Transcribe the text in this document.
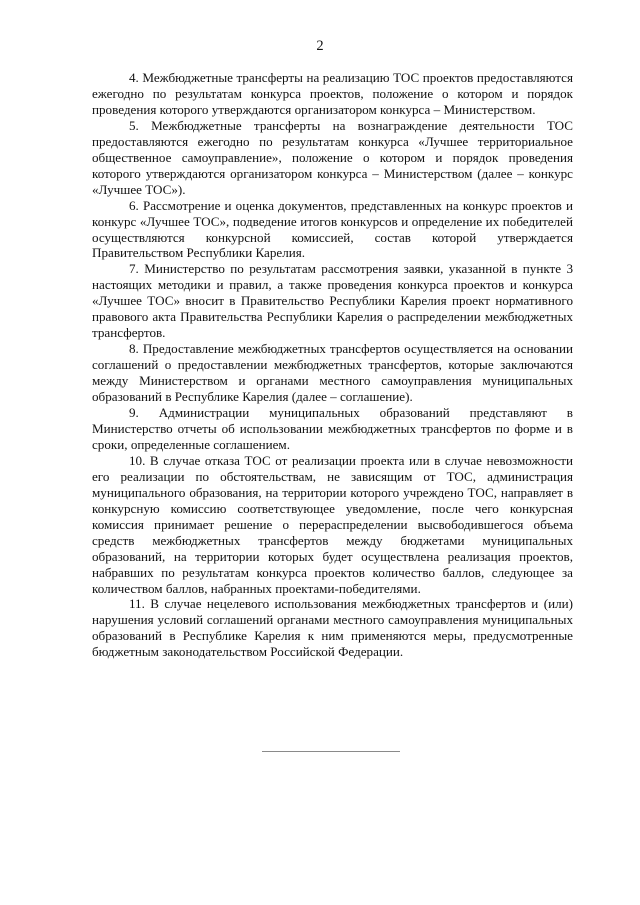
2

4. Межбюджетные трансферты на реализацию ТОС проектов предоставляются ежегодно по результатам конкурса проектов, положение о котором и порядок проведения которого утверждаются организатором конкурса – Министерством.

5. Межбюджетные трансферты на вознаграждение деятельности ТОС предоставляются ежегодно по результатам конкурса «Лучшее территориальное общественное самоуправление», положение о котором и порядок проведения которого утверждаются организатором конкурса – Министерством (далее – конкурс «Лучшее ТОС»).

6. Рассмотрение и оценка документов, представленных на конкурс проектов и конкурс «Лучшее ТОС», подведение итогов конкурсов и определение их победителей осуществляются конкурсной комиссией, состав которой утверждается Правительством Республики Карелия.

7. Министерство по результатам рассмотрения заявки, указанной в пункте 3 настоящих методики и правил, а также проведения конкурса проектов и конкурса «Лучшее ТОС» вносит в Правительство Республики Карелия проект нормативного правового акта Правительства Республики Карелия о распределении межбюджетных трансфертов.

8. Предоставление межбюджетных трансфертов осуществляется на основании соглашений о предоставлении межбюджетных трансфертов, которые заключаются между Министерством и органами местного самоуправления муниципальных образований в Республике Карелия (далее – соглашение).

9. Администрации муниципальных образований представляют в Министерство отчеты об использовании межбюджетных трансфертов по форме и в сроки, определенные соглашением.

10. В случае отказа ТОС от реализации проекта или в случае невозможности его реализации по обстоятельствам, не зависящим от ТОС, администрация муниципального образования, на территории которого учреждено ТОС, направляет в конкурсную комиссию соответствующее уведомление, после чего конкурсная комиссия принимает решение о перераспределении высвободившегося объема средств межбюджетных трансфертов между бюджетами муниципальных образований, на территории которых будет осуществлена реализация проектов, набравших по результатам конкурса проектов количество баллов, следующее за количеством баллов, набранных проектами-победителями.

11. В случае нецелевого использования межбюджетных трансфертов и (или) нарушения условий соглашений органами местного самоуправления муниципальных образований в Республике Карелия к ним применяются меры, предусмотренные бюджетным законодательством Российской Федерации.
